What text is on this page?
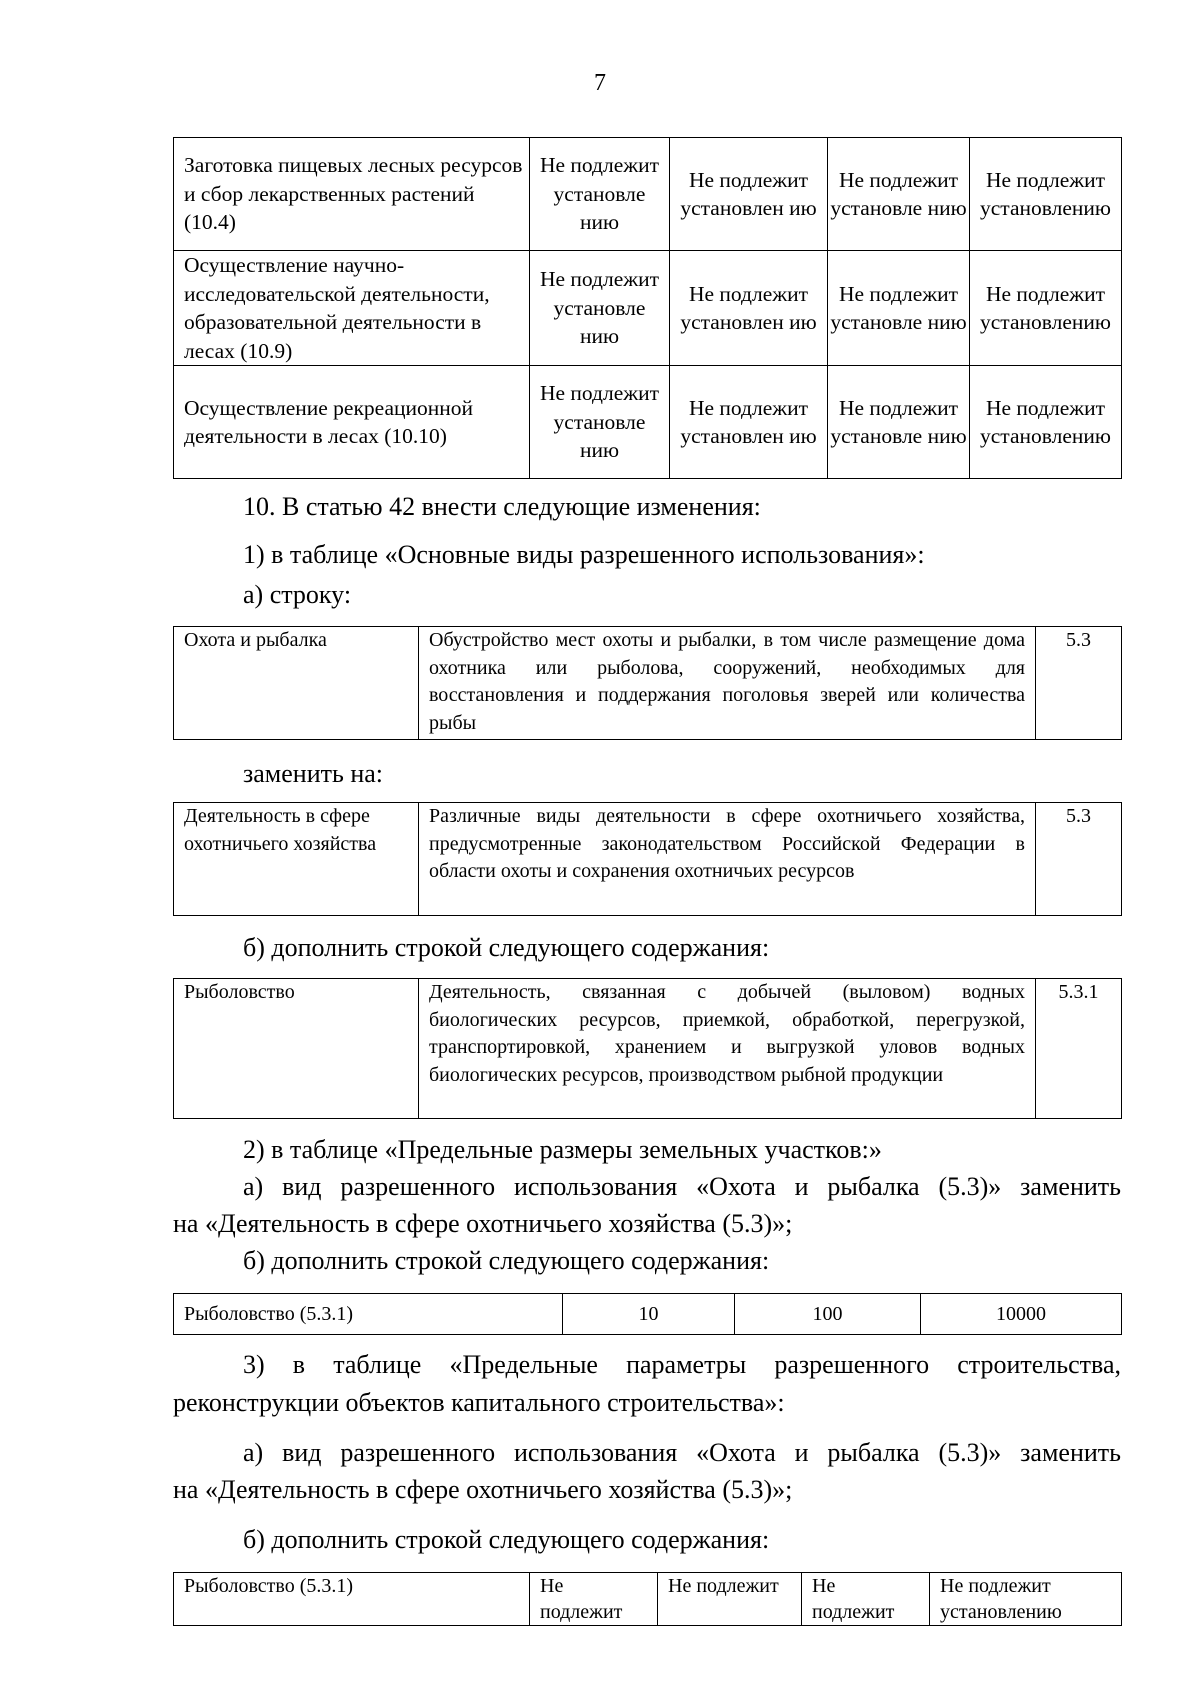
7
Заготовка пищевых лесных ресурсов и сбор лекарственных растений (10.4)	Не подлежит установле нию	Не подлежит установлен ию	Не подлежит установле нию	Не подлежит установлению
Осуществление научно-исследовательской деятельности, образовательной деятельности в лесах (10.9)	Не подлежит установле нию	Не подлежит установлен ию	Не подлежит установле нию	Не подлежит установлению
Осуществление рекреационной деятельности в лесах (10.10)	Не подлежит установле нию	Не подлежит установлен ию	Не подлежит установле нию	Не подлежит установлению
10. В статью 42 внести следующие изменения:
1) в таблице «Основные виды разрешенного использования»:
а) строку:
Охота и рыбалка	Обустройство мест охоты и рыбалки, в том числе размещение дома охотника или рыболова, сооружений, необходимых для восстановления и поддержания поголовья зверей или количества рыбы	5.3
заменить на:
Деятельность в сфере охотничьего хозяйства	Различные виды деятельности в сфере охотничьего хозяйства, предусмотренные законодательством Российской Федерации в области охоты и сохранения охотничьих ресурсов	5.3
б) дополнить строкой следующего содержания:
Рыболовство	Деятельность, связанная с добычей (выловом) водных биологических ресурсов, приемкой, обработкой, перегрузкой, транспортировкой, хранением и выгрузкой уловов водных биологических ресурсов, производством рыбной продукции	5.3.1
2) в таблице «Предельные размеры земельных участков:»
а) вид разрешенного использования «Охота и рыбалка (5.3)» заменить
на «Деятельность в сфере охотничьего хозяйства (5.3)»;
б) дополнить строкой следующего содержания:
Рыболовство (5.3.1)	10	100	10000
3) в таблице «Предельные параметры разрешенного строительства,
реконструкции объектов капитального строительства»:
а) вид разрешенного использования «Охота и рыбалка (5.3)» заменить
на «Деятельность в сфере охотничьего хозяйства (5.3)»;
б) дополнить строкой следующего содержания:
Рыболовство (5.3.1)	Не подлежит	Не подлежит	Не подлежит	Не подлежит установлению
